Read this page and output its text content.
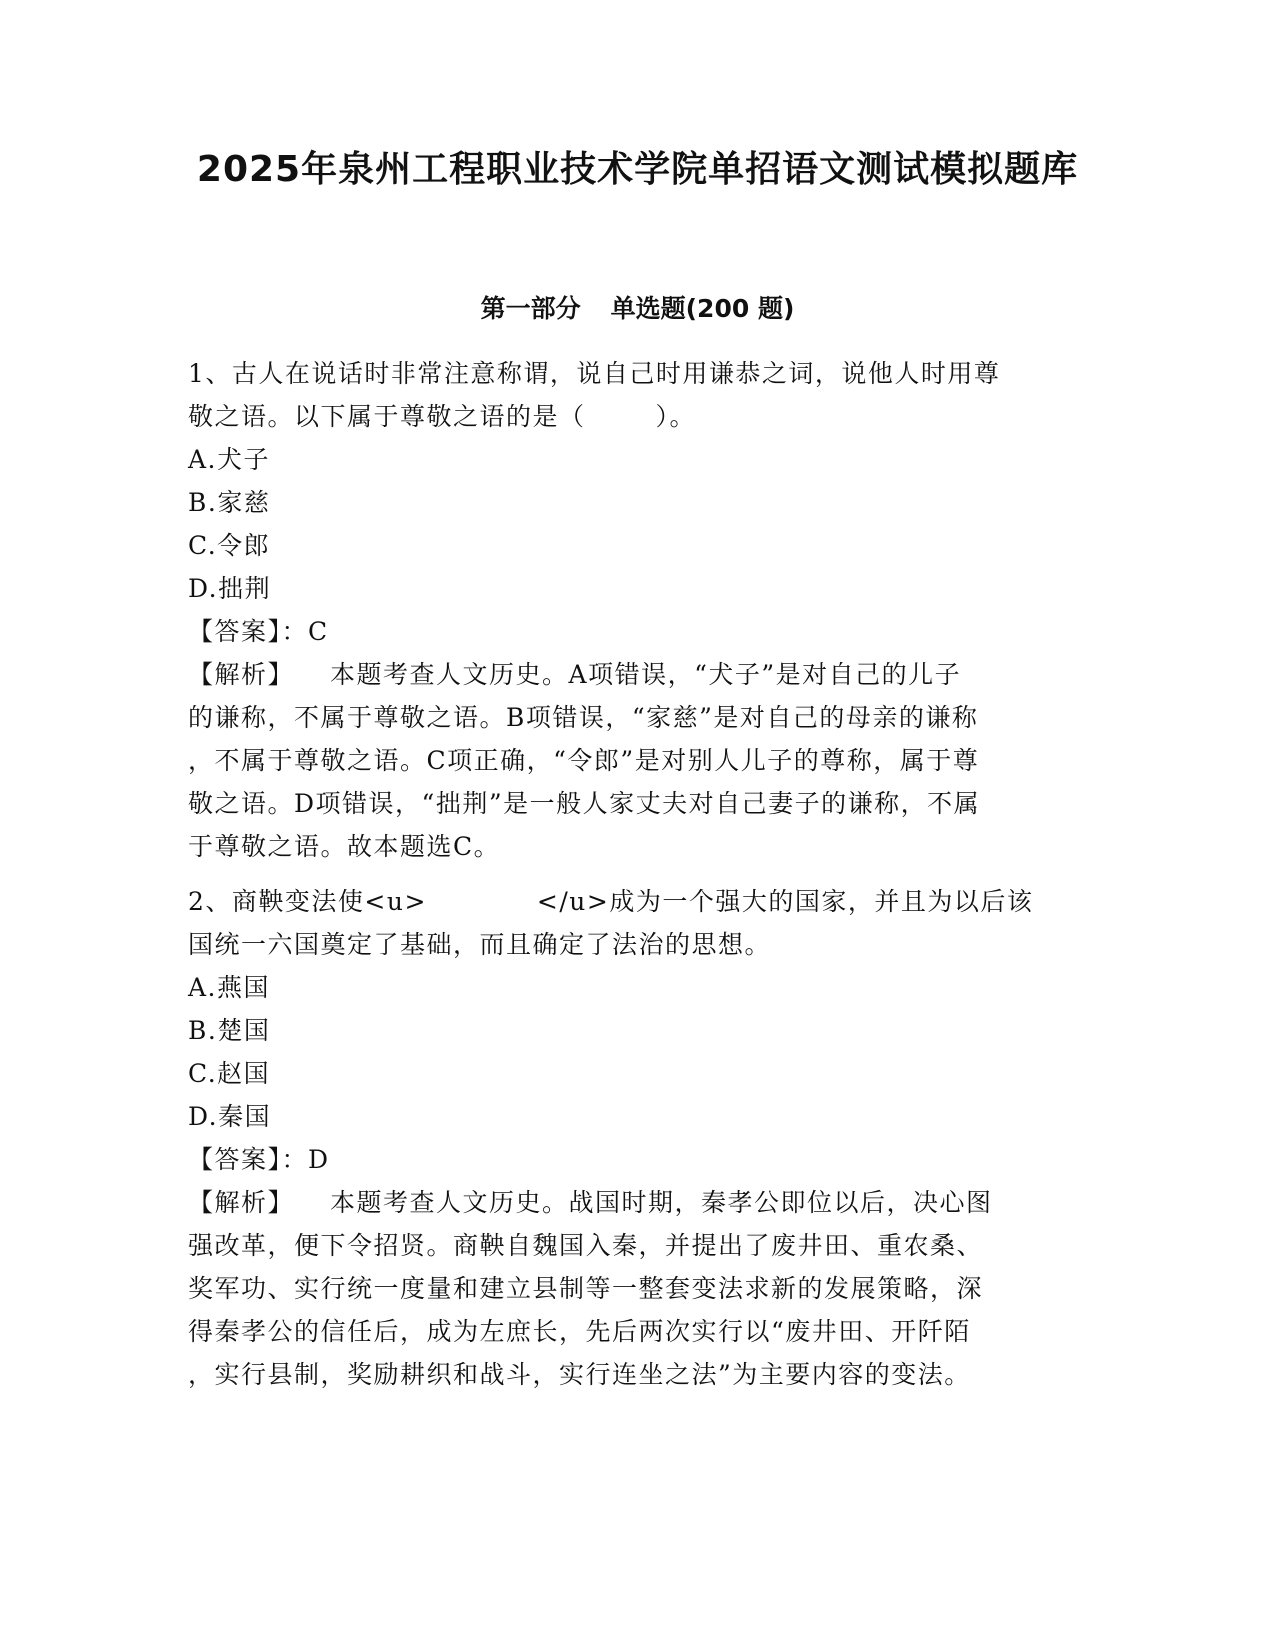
2025年泉州工程职业技术学院单招语文测试模拟题库
第一部分 单选题(200 题)
1、古人在说话时非常注意称谓，说自己时用谦恭之词，说他人时用尊
敬之语。以下属于尊敬之语的是（	）。
A.犬子
B.家慈
C.令郎
D.拙荆
【答案】：C
【解析】 本题考查人文历史。A项错误，“犬子”是对自己的儿子
的谦称，不属于尊敬之语。B项错误，“家慈”是对自己的母亲的谦称
，不属于尊敬之语。C项正确，“令郎”是对别人儿子的尊称，属于尊
敬之语。D项错误，“拙荆”是一般人家丈夫对自己妻子的谦称，不属
于尊敬之语。故本题选C。
2、商鞅变法使<u>	</u>成为一个强大的国家，并且为以后该
国统一六国奠定了基础，而且确定了法治的思想。
A.燕国
B.楚国
C.赵国
D.秦国
【答案】：D
【解析】 本题考查人文历史。战国时期，秦孝公即位以后，决心图
强改革，便下令招贤。商鞅自魏国入秦，并提出了废井田、重农桑、
奖军功、实行统一度量和建立县制等一整套变法求新的发展策略，深
得秦孝公的信任后，成为左庶长，先后两次实行以“废井田、开阡陌
，实行县制，奖励耕织和战斗，实行连坐之法”为主要内容的变法。
